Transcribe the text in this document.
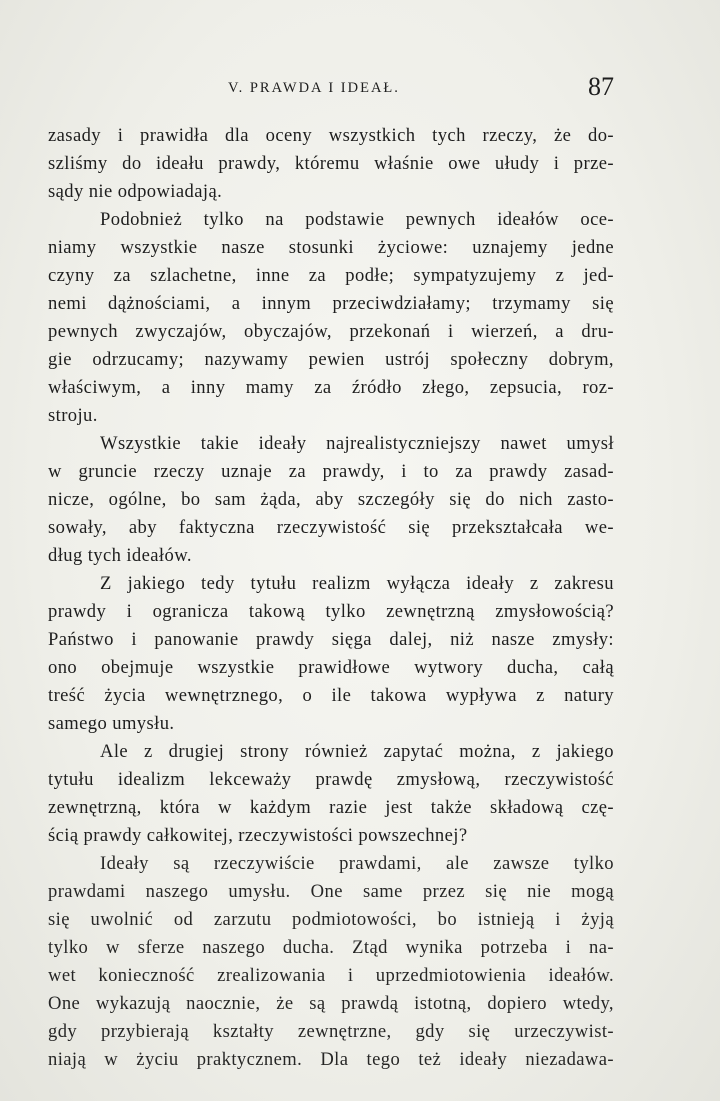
V. PRAWDA I IDEAŁ.	87
zasady i prawidła dla oceny wszystkich tych rzeczy, że do-
szliśmy do ideału prawdy, któremu właśnie owe ułudy i prze-
sądy nie odpowiadają.
Podobnież tylko na podstawie pewnych ideałów oce-
niamy wszystkie nasze stosunki życiowe: uznajemy jedne
czyny za szlachetne, inne za podłe; sympatyzujemy z jed-
nemi dążnościami, a innym przeciwdziałamy; trzymamy się
pewnych zwyczajów, obyczajów, przekonań i wierzeń, a dru-
gie odrzucamy; nazywamy pewien ustrój społeczny dobrym,
właściwym, a inny mamy za źródło złego, zepsucia, roz-
stroju.
Wszystkie takie ideały najrealistyczniejszy nawet umysł
w gruncie rzeczy uznaje za prawdy, i to za prawdy zasad-
nicze, ogólne, bo sam żąda, aby szczegóły się do nich zasto-
sowały, aby faktyczna rzeczywistość się przekształcała we-
dług tych ideałów.
Z jakiego tedy tytułu realizm wyłącza ideały z zakresu
prawdy i ogranicza takową tylko zewnętrzną zmysłowością?
Państwo i panowanie prawdy sięga dalej, niż nasze zmysły:
ono obejmuje wszystkie prawidłowe wytwory ducha, całą
treść życia wewnętrznego, o ile takowa wypływa z natury
samego umysłu.
Ale z drugiej strony również zapytać można, z jakiego
tytułu idealizm lekceważy prawdę zmysłową, rzeczywistość
zewnętrzną, która w każdym razie jest także składową czę-
ścią prawdy całkowitej, rzeczywistości powszechnej?
Ideały są rzeczywiście prawdami, ale zawsze tylko
prawdami naszego umysłu. One same przez się nie mogą
się uwolnić od zarzutu podmiotowości, bo istnieją i żyją
tylko w sferze naszego ducha. Ztąd wynika potrzeba i na-
wet konieczność zrealizowania i uprzedmiotowienia ideałów.
One wykazują naocznie, że są prawdą istotną, dopiero wtedy,
gdy przybierają kształty zewnętrzne, gdy się urzeczywist-
niają w życiu praktycznem. Dla tego też ideały niezadawa-
